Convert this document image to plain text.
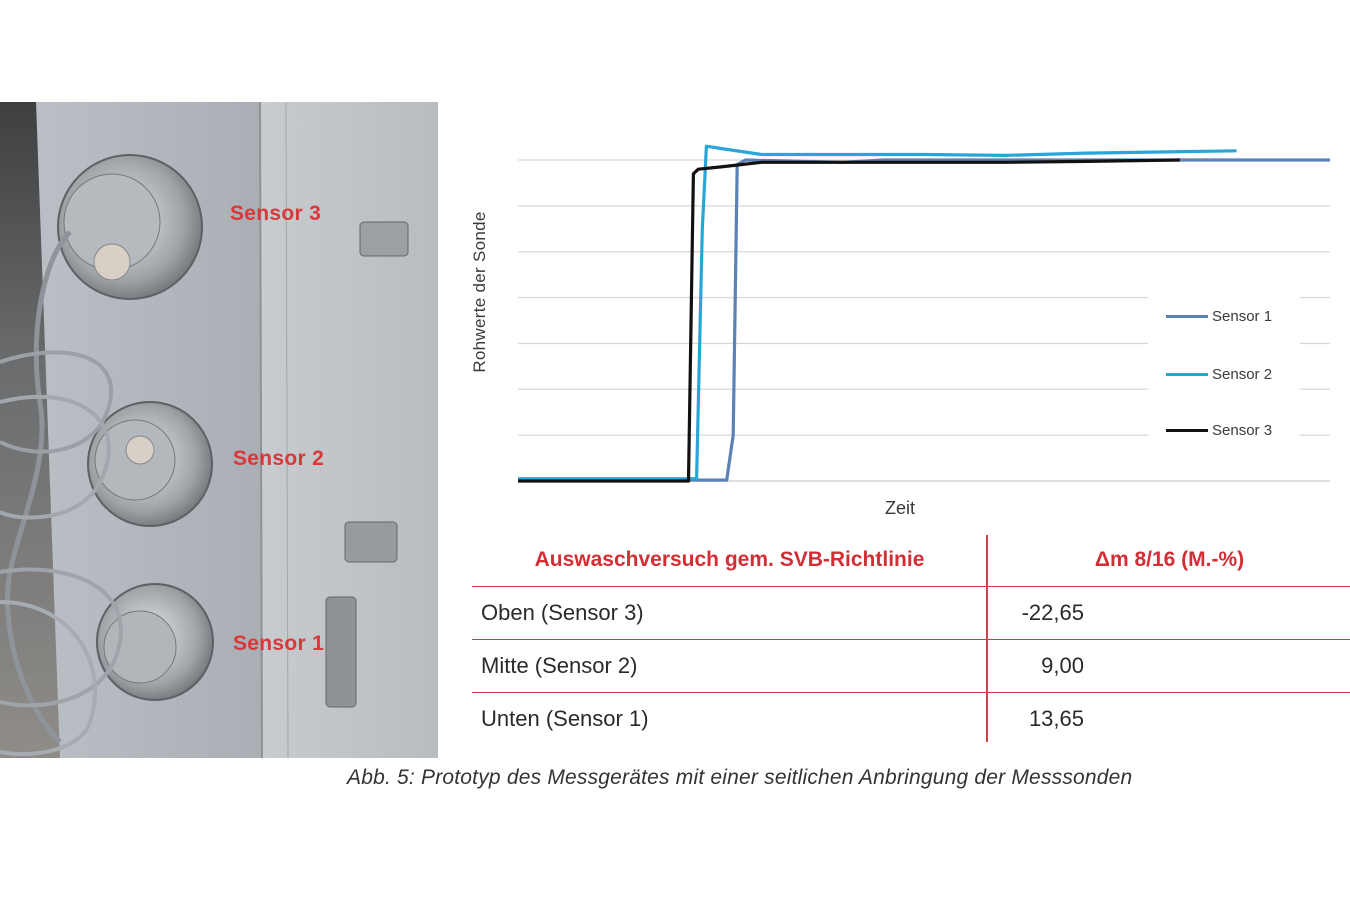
Sensor 3
Sensor 2
Sensor 1
Rohwerte der Sonde
Zeit
Sensor 1
Sensor 2
Sensor 3
Auswaschversuch gem. SVB-Richtlinie	Δm 8/16 (M.-%)
Oben (Sensor 3)	-22,65
Mitte (Sensor 2)	9,00
Unten (Sensor 1)	13,65
Abb. 5: Prototyp des Messgerätes mit einer seitlichen Anbringung der Messsonden
